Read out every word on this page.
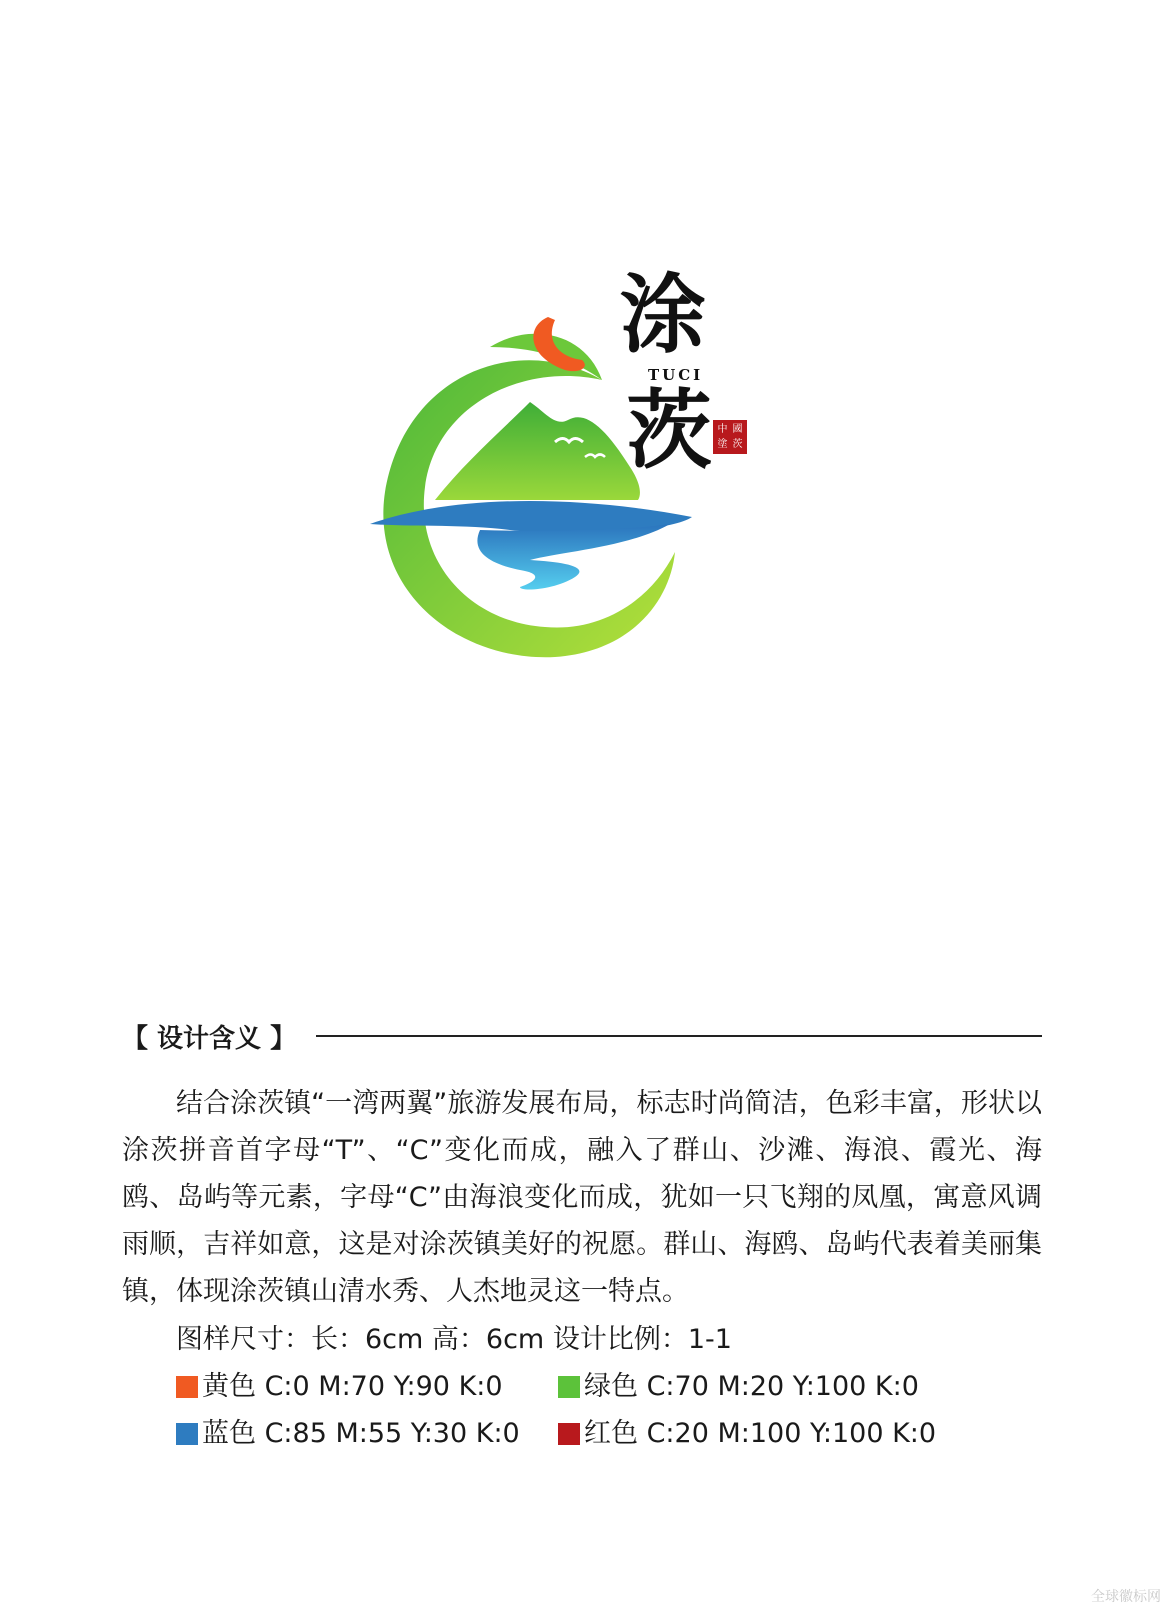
涂
TUCI
茨 中 國
塗 茨
【 设计含义 】

结合涂茨镇“一湾两翼”旅游发展布局，标志时尚简洁，色彩丰富，形状以涂茨拼音首字母“T”、“C”变化而成，融入了群山、沙滩、海浪、霞光、海鸥、岛屿等元素，字母“C”由海浪变化而成，犹如一只飞翔的凤凰，寓意风调雨顺，吉祥如意，这是对涂茨镇美好的祝愿。群山、海鸥、岛屿代表着美丽集镇，体现涂茨镇山清水秀、人杰地灵这一特点。

图样尺寸：长：6cm 高：6cm 设计比例：1-1
黄色 C:0 M:70 Y:90 K:0	绿色 C:70 M:20 Y:100 K:0
蓝色 C:85 M:55 Y:30 K:0 红色 C:20 M:100 Y:100 K:0
全球徽标网
